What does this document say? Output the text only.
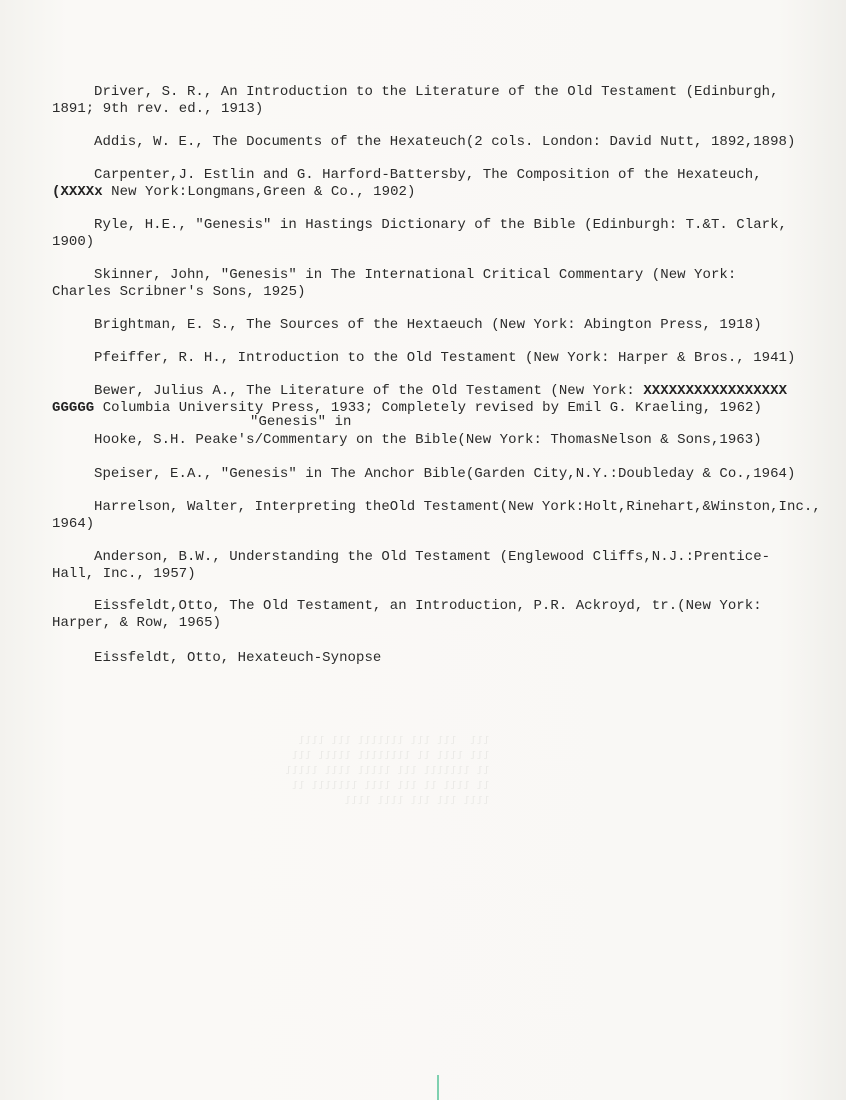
lll  lll lll lllllll lll llll
lll llll ll llllllll lllll lll
ll lllllll lll lllll llll lllll
ll llll ll lll llll lllllll ll
llll lll lll llll llll
Driver, S. R., An Introduction to the Literature of the Old Testament (Edinburgh,
1891; 9th rev. ed., 1913)
Addis, W. E., The Documents of the Hexateuch(2 cols. London: David Nutt, 1892,1898)
Carpenter,J. Estlin and G. Harford-Battersby, The Composition of the Hexateuch,
(XXXXx New York:Longmans,Green & Co., 1902)
Ryle, H.E., "Genesis" in Hastings Dictionary of the Bible (Edinburgh: T.&T. Clark,
1900)
Skinner, John, "Genesis" in The International Critical Commentary (New York:
Charles Scribner's Sons, 1925)
Brightman, E. S., The Sources of the Hextaeuch (New York: Abington Press, 1918)
Pfeiffer, R. H., Introduction to the Old Testament (New York: Harper & Bros., 1941)
Bewer, Julius A., The Literature of the Old Testament (New York: XXXXXXXXXXXXXXXXX
GGGGG Columbia University Press, 1933; Completely revised by Emil G. Kraeling, 1962)
"Genesis" in
Hooke, S.H. Peake's/Commentary on the Bible(New York: ThomasNelson & Sons,1963)
Speiser, E.A., "Genesis" in The Anchor Bible(Garden City,N.Y.:Doubleday & Co.,1964)
Harrelson, Walter, Interpreting theOld Testament(New York:Holt,Rinehart,&Winston,Inc.,
1964)
Anderson, B.W., Understanding the Old Testament (Englewood Cliffs,N.J.:Prentice-
Hall, Inc., 1957)
Eissfeldt,Otto, The Old Testament, an Introduction, P.R. Ackroyd, tr.(New York:
Harper, & Row, 1965)
Eissfeldt, Otto, Hexateuch-Synopse
